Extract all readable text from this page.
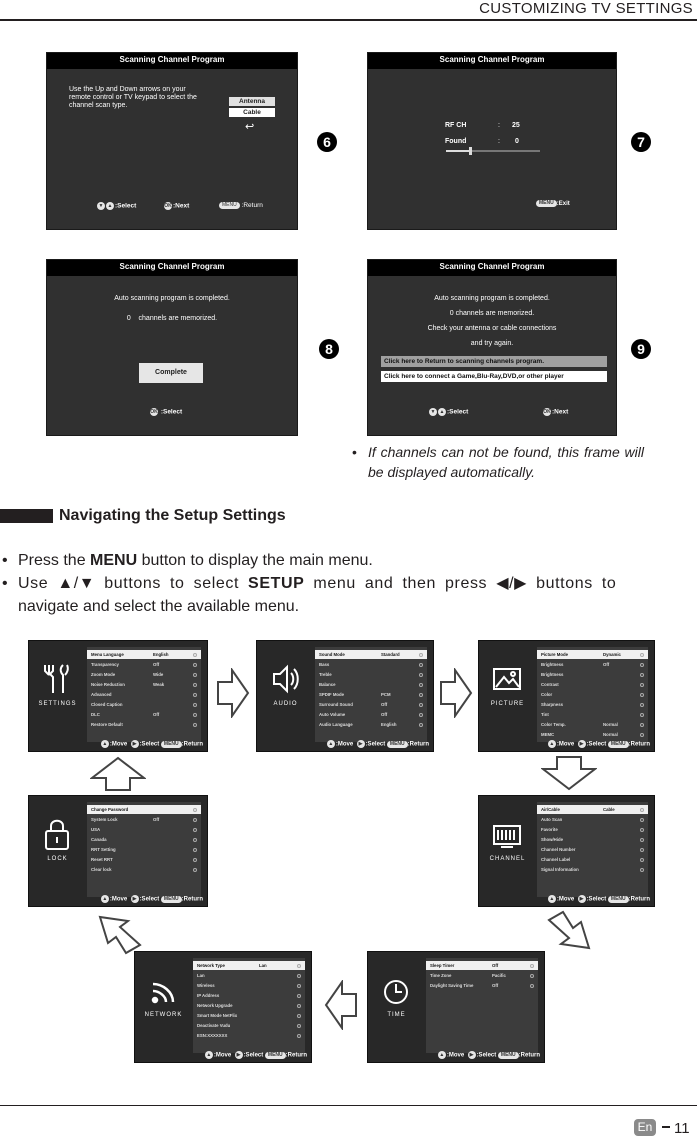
CUSTOMIZING TV SETTINGS
Scanning Channel Program
Use the Up and Down arrows on your remote control or TV keypad to select the channel scan type.
Antenna
Cable
↩
▼ ▲ :Select	OK:Next	MENU :Return
6
Scanning Channel Program
RF CH	: 25
Found	: 0
MENU :Exit
7
Scanning Channel Program
Auto scanning program is completed.
0    channels are memorized.
Complete
OK :Select
8
Scanning Channel Program
Auto scanning program is completed.
0 channels are memorized.
Check your antenna or cable connections
and try again.
Click here to Return to scanning channels program.
Click here to connect a Game,Blu-Ray,DVD,or other player
▼ ▲ :Select	OK:Next
9
• If channels can not be found, this frame will be displayed automatically.
Navigating the Setup Settings
• Press the MENU button to display the main menu.
• Use ▲/▼ buttons to select SETUP menu and then press ◀/▶ buttons to
navigate and select the available menu.
SETTINGS
Menu Language	English
Transparency	Off
Zoom Mode	Wide
Noise Reduction	Weak
Advanced
Closed Caption
DLC	Off
Restore Default
▲ :Move ▶ :Select MENU :Return
AUDIO
Sound Mode	Standard
Bass
Treble
Balance
SPDIF Mode	PCM
Surround Sound	Off
Auto Volume	Off
Audio Language	English
▲ :Move ▶ :Select MENU :Return
PICTURE
Picture Mode	Dynamic
Brightness	Off
Brightness
Contrast
Color
Sharpness
Tint
Color Temp.	Normal
MEMC	Normal
▲ :Move ▶ :Select MENU :Return
LOCK
Change Password
System Lock	Off
USA
Canada
RRT Setting
Reset RRT
Clear lock
▲ :Move ▶ :Select MENU :Return
CHANNEL
Air/Cable	Cable
Auto Scan
Favorite
Show/Hide
Channel Number
Channel Label
Signal Information
▲ :Move ▶ :Select MENU :Return
NETWORK
Network Type	Lan
Lan
Wireless
IP Address
Network Upgrade
Smart Mode NetFlix
Deactivate Vudu
ESN:XXXXXXX
▲ :Move ▶ :Select MENU :Return
TIME
Sleep Timer	Off
Time Zone	Pacific
Daylight Saving Time	Off
▲ :Move ▶ :Select MENU :Return
En 11
